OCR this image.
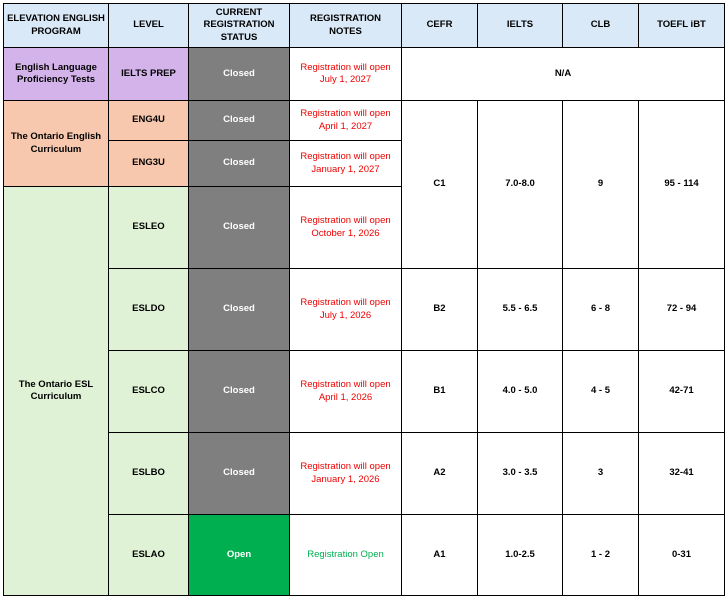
ELEVATION ENGLISH PROGRAM	LEVEL	CURRENT REGISTRATION STATUS	REGISTRATION NOTES	CEFR	IELTS	CLB	TOEFL iBT
English Language Proficiency Tests	IELTS PREP	Closed	Registration will open July 1, 2027	N/A			
The Ontario English Curriculum	ENG4U	Closed	Registration will open April 1, 2027	C1	7.0-8.0	9	95 - 114
	ENG3U	Closed	Registration will open January 1, 2027				
The Ontario ESL Curriculum	ESLEO	Closed	Registration will open October 1, 2026				
	ESLDO	Closed	Registration will open July 1, 2026	B2	5.5 - 6.5	6 - 8	72 - 94
	ESLCO	Closed	Registration will open April 1, 2026	B1	4.0 - 5.0	4 - 5	42-71
	ESLBO	Closed	Registration will open January 1, 2026	A2	3.0 - 3.5	3	32-41
	ESLAO	Open	Registration Open	A1	1.0-2.5	1 - 2	0-31
